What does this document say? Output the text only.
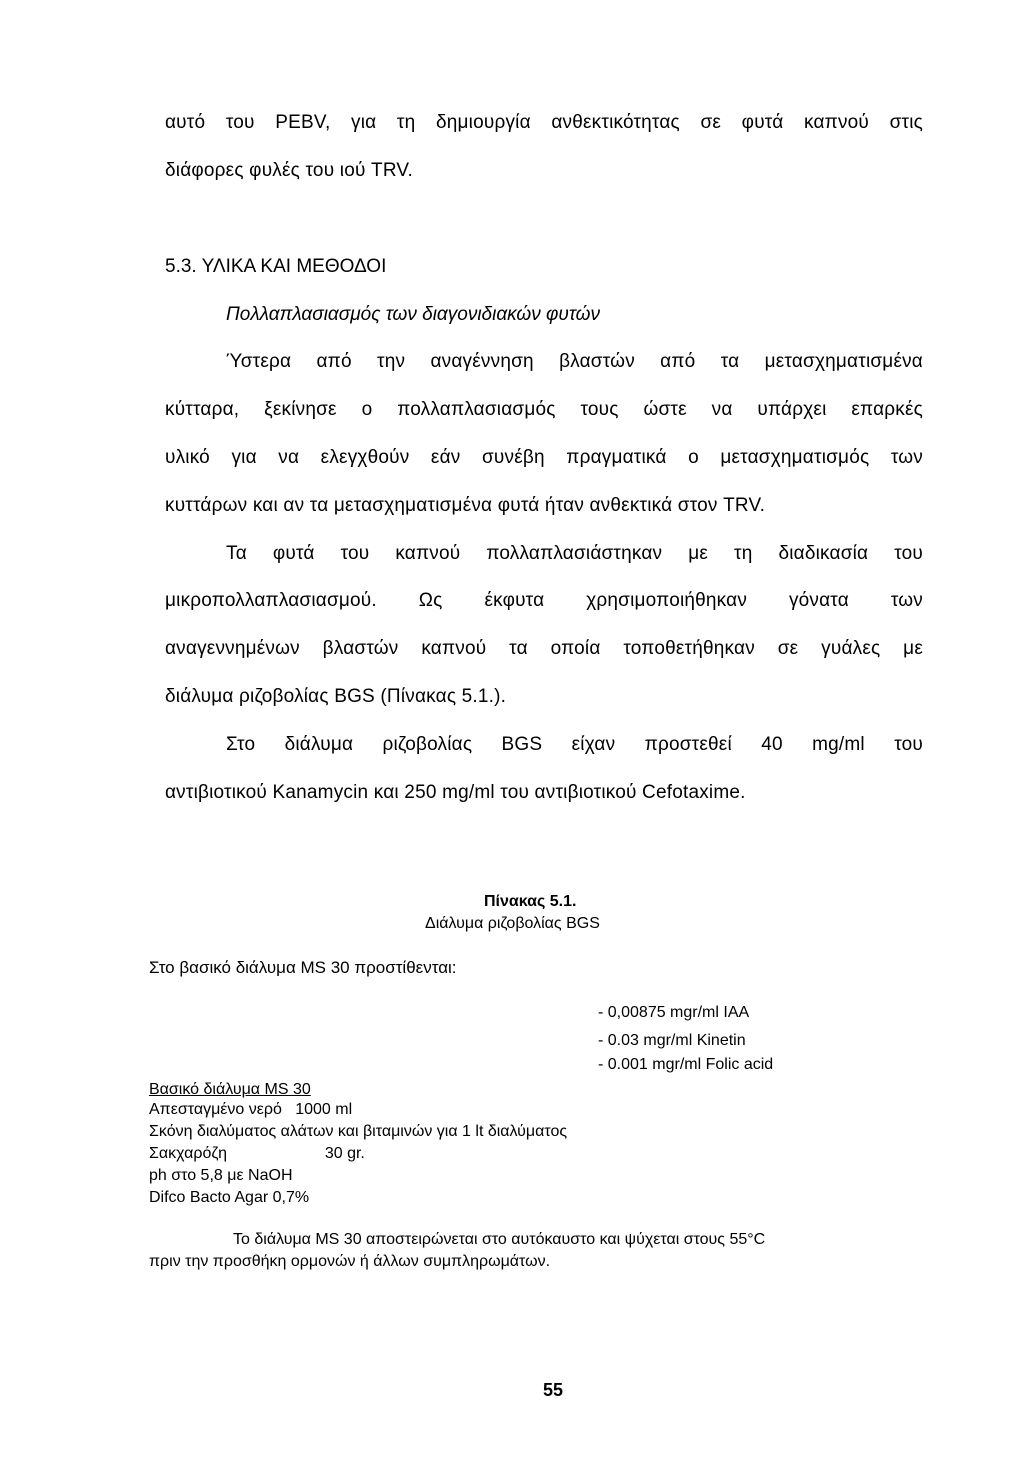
αυτό του PEBV, για τη δημιουργία ανθεκτικότητας σε φυτά καπνού στις
διάφορες φυλές του ιού TRV.
5.3. ΥΛΙΚΑ ΚΑΙ ΜΕΘΟΔΟΙ
Πολλαπλασιασμός των διαγονιδιακών φυτών
Ύστερα από την αναγέννηση βλαστών από τα μετασχηματισμένα
κύτταρα, ξεκίνησε ο πολλαπλασιασμός τους ώστε να υπάρχει επαρκές
υλικό για να ελεγχθούν εάν συνέβη πραγματικά ο μετασχηματισμός των
κυττάρων και αν τα μετασχηματισμένα φυτά ήταν ανθεκτικά στον TRV.
Τα φυτά του καπνού πολλαπλασιάστηκαν με τη διαδικασία του
μικροπολλαπλασιασμού. Ως έκφυτα χρησιμοποιήθηκαν γόνατα των
αναγεννημένων βλαστών καπνού τα οποία τοποθετήθηκαν σε γυάλες με
διάλυμα ριζοβολίας BGS (Πίνακας 5.1.).
Στο διάλυμα ριζοβολίας BGS είχαν προστεθεί 40 mg/ml του
αντιβιοτικού Kanamycin και 250 mg/ml του αντιβιοτικού Cefotaxime.
Πίνακας 5.1.
Διάλυμα ριζοβολίας BGS
Στο βασικό διάλυμα MS 30 προστίθενται:
- 0,00875 mgr/ml IAA
- 0.03 mgr/ml Kinetin
- 0.001 mgr/ml Folic acid
Βασικό διάλυμα MS 30
Απεσταγμένο νερό   1000 ml
Σκόνη διαλύματος αλάτων και βιταμινών για 1 lt διαλύματος
Σακχαρόζη                      30 gr.
ph στο 5,8 με NaOH
Difco Bacto Agar 0,7%
Το διάλυμα MS 30 αποστειρώνεται στο αυτόκαυστο και ψύχεται στους 55°C
πριν την προσθήκη ορμονών ή άλλων συμπληρωμάτων.
55
